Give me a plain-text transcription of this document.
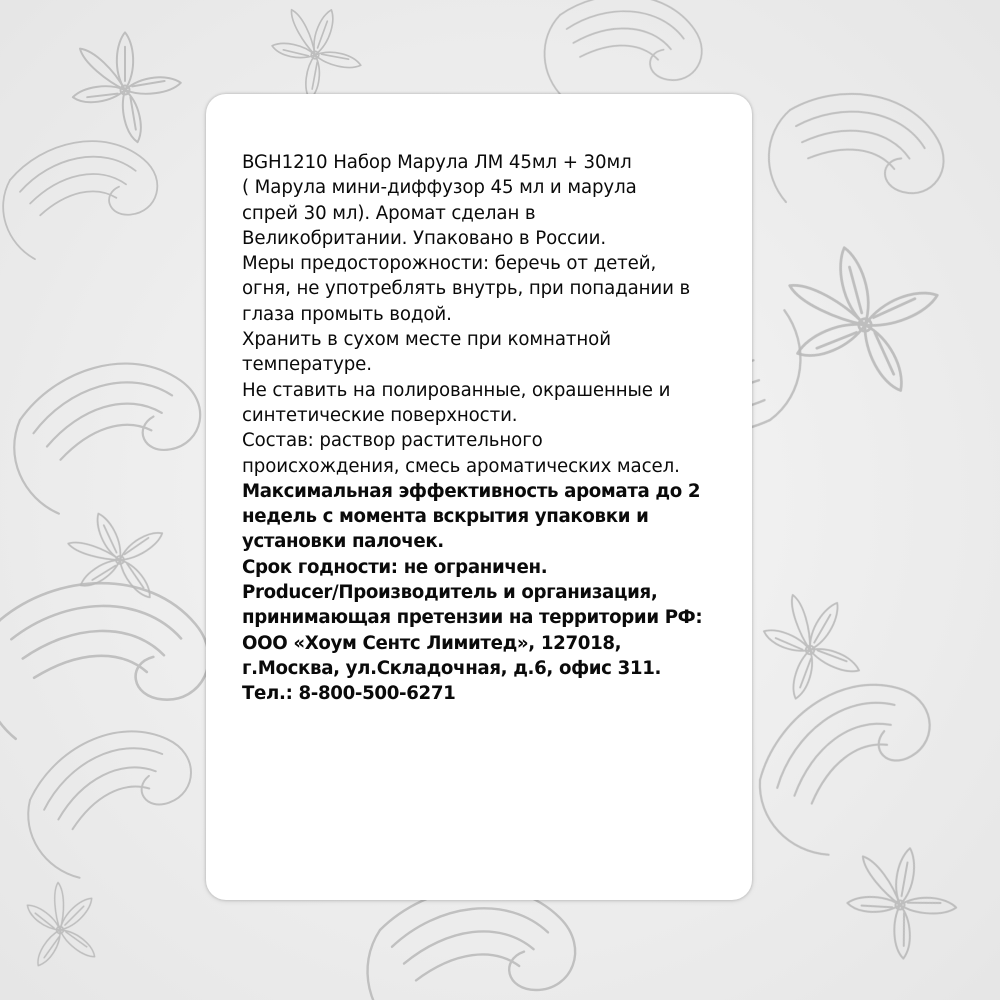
BGH1210 Набор Марула ЛМ 45мл + 30мл
( Марула мини-диффузор 45 мл и марула
спрей 30 мл). Аромат сделан в
Великобритании. Упаковано в России.
Меры предосторожности: беречь от детей,
огня, не употреблять внутрь, при попадании в
глаза промыть водой.
Хранить в сухом месте при комнатной
температуре.
Не ставить на полированные, окрашенные и
синтетические поверхности.
Состав: раствор растительного
происхождения, смесь ароматических масел.
Максимальная эффективность аромата до 2
недель с момента вскрытия упаковки и
установки палочек.
Срок годности: не ограничен.
Producer/Производитель и организация,
принимающая претензии на территории РФ:
ООО «Хоум Сентс Лимитед», 127018,
г.Москва, ул.Складочная, д.6, офис 311.
Тел.: 8-800-500-6271
